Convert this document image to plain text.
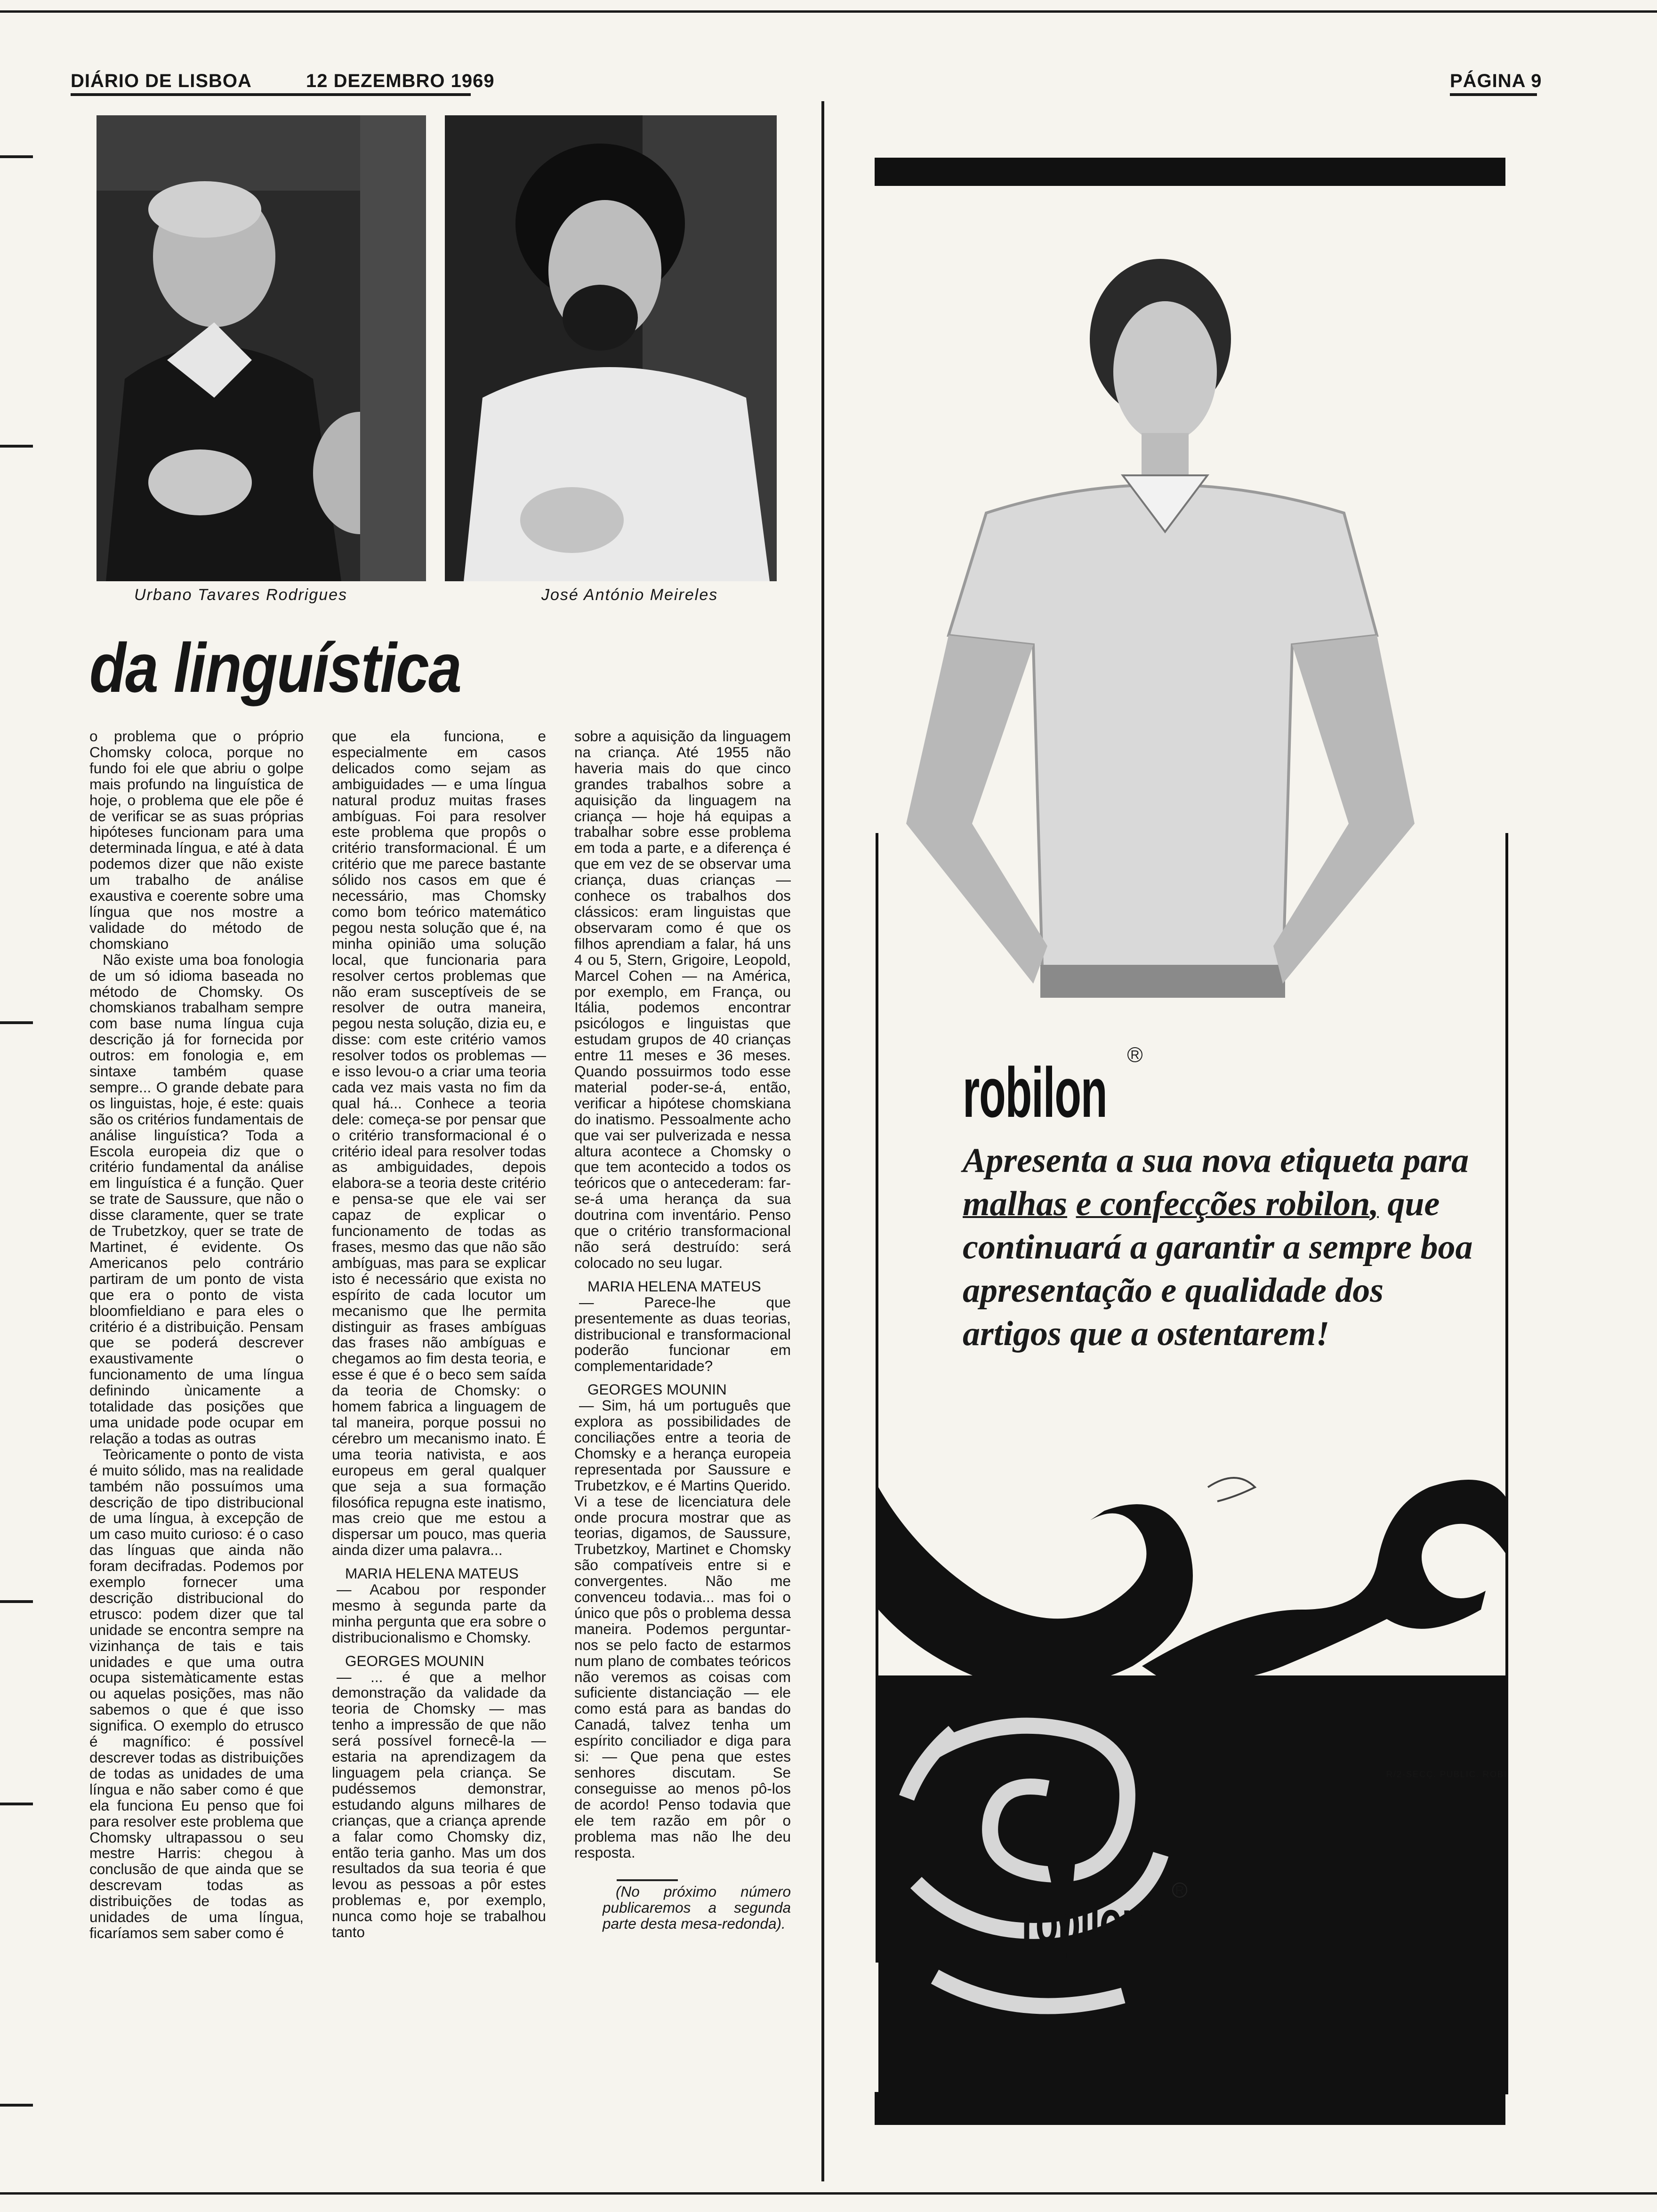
DIÁRIO DE LISBOA	12 DEZEMBRO 1969	PÁGINA 9
Urbano Tavares Rodrigues	José António Meireles
da linguística

o problema que o próprio Chomsky coloca, porque no fundo foi ele que abriu o golpe mais profundo na linguística de hoje, o problema que ele põe é de verificar se as suas próprias hipóteses funcionam para uma determinada língua, e até à data podemos dizer que não existe um trabalho de análise exaustiva e coerente sobre uma língua que nos mostre a validade do método de chomskiano

Não existe uma boa fonologia de um só idioma baseada no método de Chomsky. Os chomskianos trabalham sempre com base numa língua cuja descrição já for fornecida por outros: em fonologia e, em sintaxe também quase sempre... O grande debate para os linguistas, hoje, é este: quais são os critérios fundamentais de análise linguística? Toda a Escola europeia diz que o critério fundamental da análise em linguística é a função. Quer se trate de Saussure, que não o disse claramente, quer se trate de Trubetzkoy, quer se trate de Martinet, é evidente. Os Americanos pelo contrário partiram de um ponto de vista que era o ponto de vista bloomfieldiano e para eles o critério é a distribuição. Pensam que se poderá descrever exaustivamente o funcionamento de uma língua definindo ùnicamente a totalidade das posições que uma unidade pode ocupar em relação a todas as outras

Teòricamente o ponto de vista é muito sólido, mas na realidade também não possuímos uma descrição de tipo distribucional de uma língua, à excepção de um caso muito curioso: é o caso das línguas que ainda não foram decifradas. Podemos por exemplo fornecer uma descrição distribucional do etrusco: podem dizer que tal unidade se encontra sempre na vizinhança de tais e tais unidades e que uma outra ocupa sistemàticamente estas ou aquelas posições, mas não sabemos o que é que isso significa. O exemplo do etrusco é magnífico: é possível descrever todas as distribuições de todas as unidades de uma língua e não saber como é que ela funciona Eu penso que foi para resolver este problema que Chomsky ultrapassou o seu mestre Harris: chegou à conclusão de que ainda que se descrevam todas as distribuições de todas as unidades de uma língua, ficaríamos sem saber como é

que ela funciona, e especialmente em casos delicados como sejam as ambiguidades — e uma língua natural produz muitas frases ambíguas. Foi para resolver este problema que propôs o critério transformacional. É um critério que me parece bastante sólido nos casos em que é necessário, mas Chomsky como bom teórico matemático pegou nesta solução que é, na minha opinião uma solução local, que funcionaria para resolver certos problemas que não eram susceptíveis de se resolver de outra maneira, pegou nesta solução, dizia eu, e disse: com este critério vamos resolver todos os problemas — e isso levou-o a criar uma teoria cada vez mais vasta no fim da qual há... Conhece a teoria dele: começa-se por pensar que o critério transformacional é o critério ideal para resolver todas as ambiguidades, depois elabora-se a teoria deste critério e pensa-se que ele vai ser capaz de explicar o funcionamento de todas as frases, mesmo das que não são ambíguas, mas para se explicar isto é necessário que exista no espírito de cada locutor um mecanismo que lhe permita distinguir as frases ambíguas das frases não ambíguas e chegamos ao fim desta teoria, e esse é que é o beco sem saída da teoria de Chomsky: o homem fabrica a linguagem de tal maneira, porque possui no cérebro um mecanismo inato. É uma teoria nativista, e aos europeus em geral qualquer que seja a sua formação filosófica repugna este inatismo, mas creio que me estou a dispersar um pouco, mas queria ainda dizer uma palavra...

MARIA HELENA MATEUS

— Acabou por responder mesmo à segunda parte da minha pergunta que era sobre o distribucionalismo e Chomsky.

GEORGES MOUNIN

— ... é que a melhor demonstração da validade da teoria de Chomsky — mas tenho a impressão de que não será possível fornecê-la — estaria na aprendizagem da linguagem pela criança. Se pudéssemos demonstrar, estudando alguns milhares de crianças, que a criança aprende a falar como Chomsky diz, então teria ganho. Mas um dos resultados da sua teoria é que levou as pessoas a pôr estes problemas e, por exemplo, nunca como hoje se trabalhou tanto

sobre a aquisição da linguagem na criança. Até 1955 não haveria mais do que cinco grandes trabalhos sobre a aquisição da linguagem na criança — hoje há equipas a trabalhar sobre esse problema em toda a parte, e a diferença é que em vez de se observar uma criança, duas crianças — conhece os trabalhos dos clássicos: eram linguistas que observaram como é que os filhos aprendiam a falar, há uns 4 ou 5, Stern, Grigoire, Leopold, Marcel Cohen — na América, por exemplo, em França, ou Itália, podemos encontrar psicólogos e linguistas que estudam grupos de 40 crianças entre 11 meses e 36 meses. Quando possuirmos todo esse material poder-se-á, então, verificar a hipótese chomskiana do inatismo. Pessoalmente acho que vai ser pulverizada e nessa altura acontece a Chomsky o que tem acontecido a todos os teóricos que o antecederam: far-se-á uma herança da sua doutrina com inventário. Penso que o critério transformacional não será destruído: será colocado no seu lugar.

MARIA HELENA MATEUS

— Parece-lhe que presentemente as duas teorias, distribucional e transformacional poderão funcionar em complementaridade?

GEORGES MOUNIN

— Sim, há um português que explora as possibilidades de conciliações entre a teoria de Chomsky e a herança europeia representada por Saussure e Trubetzkov, e é Martins Querido. Vi a tese de licenciatura dele onde procura mostrar que as teorias, digamos, de Saussure, Trubetzkoy, Martinet e Chomsky são compatíveis entre si e convergentes. Não me convenceu todavia... mas foi o único que pôs o problema dessa maneira. Podemos perguntar-nos se pelo facto de estarmos num plano de combates teóricos não veremos as coisas com suficiente distanciação — ele como está para as bandas do Canadá, talvez tenha um espírito conciliador e diga para si: — Que pena que estes senhores discutam. Se conseguisse ao menos pô-los de acordo! Penso todavia que ele tem razão em pôr o problema mas não lhe deu resposta.

(No próximo número publicaremos a segunda parte desta mesa-redonda).

robilon R
Apresenta a sua nova etiqueta para malhas e confecções robilon, que continuará a garantir a sempre boa apresentação e qualidade dos artigos que a ostentarem!
robilon	R
R/2-SECÇ. PUBLIC. ROBI
